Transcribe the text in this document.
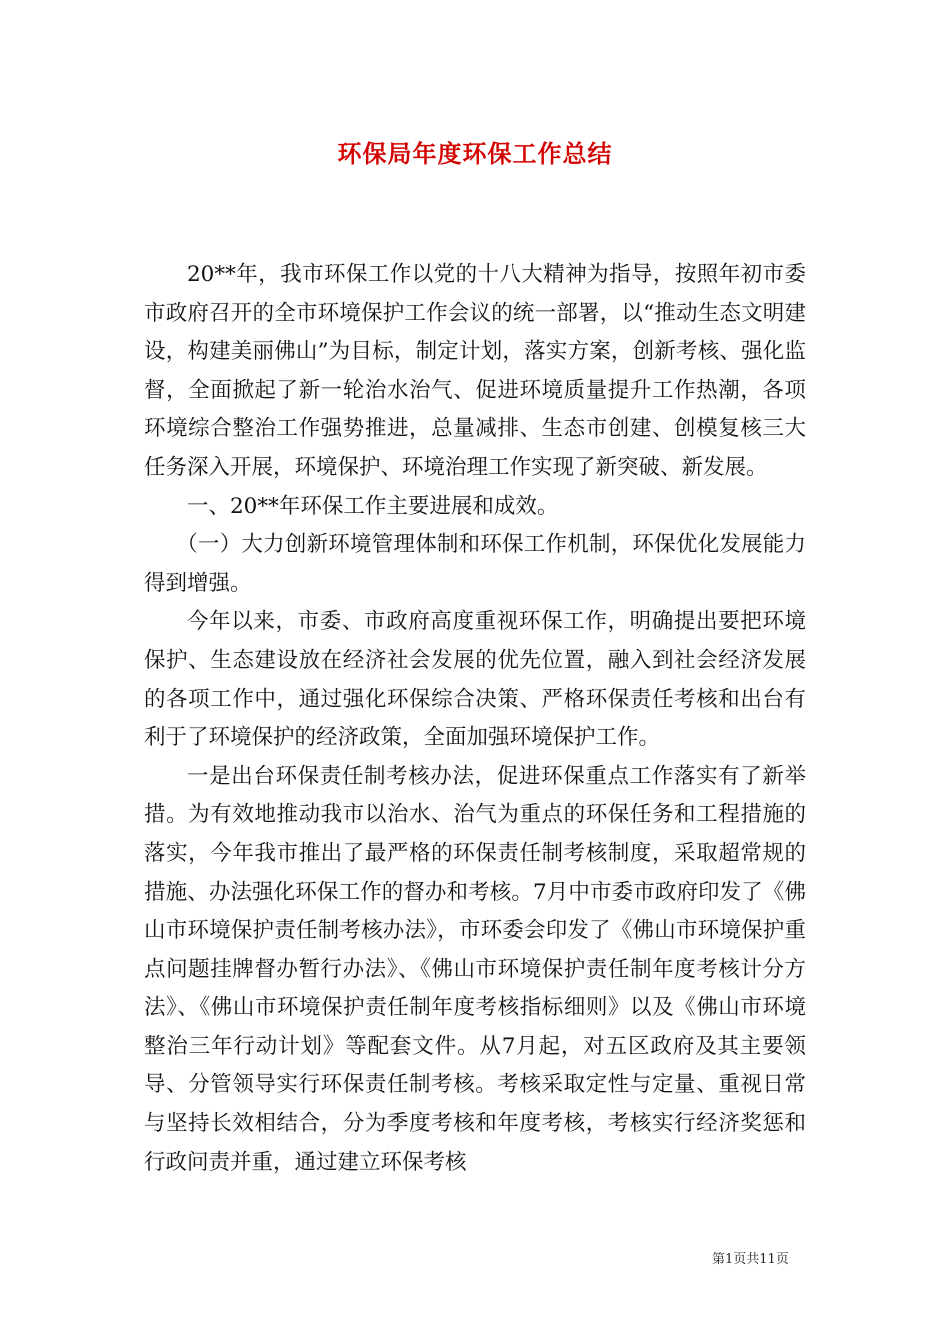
环保局年度环保工作总结

20**年，我市环保工作以党的十八大精神为指导，按照年初市委市政府召开的全市环境保护工作会议的统一部署，以“推动生态文明建设，构建美丽佛山”为目标，制定计划，落实方案，创新考核、强化监督，全面掀起了新一轮治水治气、促进环境质量提升工作热潮，各项环境综合整治工作强势推进，总量减排、生态市创建、创模复核三大任务深入开展，环境保护、环境治理工作实现了新突破、新发展。

一、20**年环保工作主要进展和成效。

（一）大力创新环境管理体制和环保工作机制，环保优化发展能力得到增强。

今年以来，市委、市政府高度重视环保工作，明确提出要把环境保护、生态建设放在经济社会发展的优先位置，融入到社会经济发展的各项工作中，通过强化环保综合决策、严格环保责任考核和出台有利于了环境保护的经济政策，全面加强环境保护工作。

一是出台环保责任制考核办法，促进环保重点工作落实有了新举措。为有效地推动我市以治水、治气为重点的环保任务和工程措施的落实，今年我市推出了最严格的环保责任制考核制度，采取超常规的措施、办法强化环保工作的督办和考核。7月中市委市政府印发了《佛山市环境保护责任制考核办法》，市环委会印发了《佛山市环境保护重点问题挂牌督办暂行办法》、《佛山市环境保护责任制年度考核计分方法》、《佛山市环境保护责任制年度考核指标细则》以及《佛山市环境整治三年行动计划》等配套文件。从7月起，对五区政府及其主要领导、分管领导实行环保责任制考核。考核采取定性与定量、重视日常与坚持长效相结合，分为季度考核和年度考核，考核实行经济奖惩和行政问责并重，通过建立环保考核

第1页共11页
